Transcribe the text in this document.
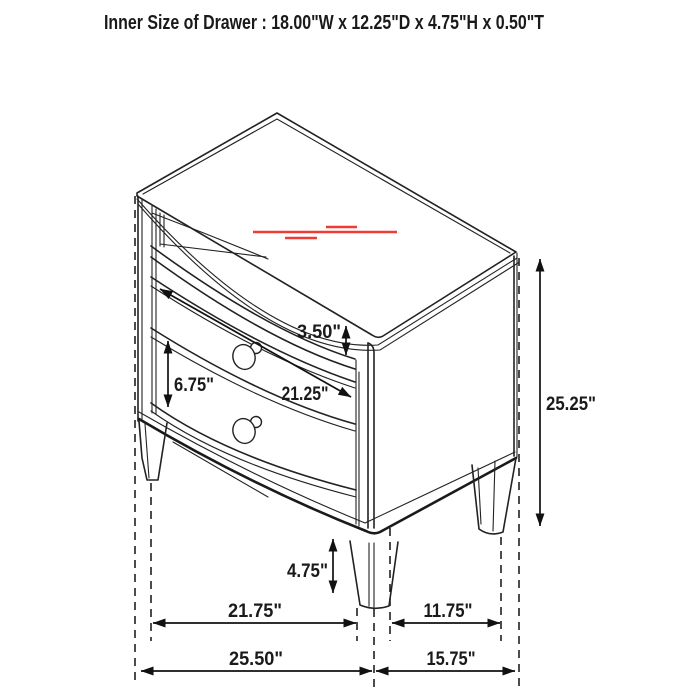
Inner Size of Drawer : 18.00"W x 12.25"D x 4.75"H x 0.50"T
3.50"
6.75"	21.25"	25.25"
4.75"
21.75"	11.75"
25.50"	15.75"
